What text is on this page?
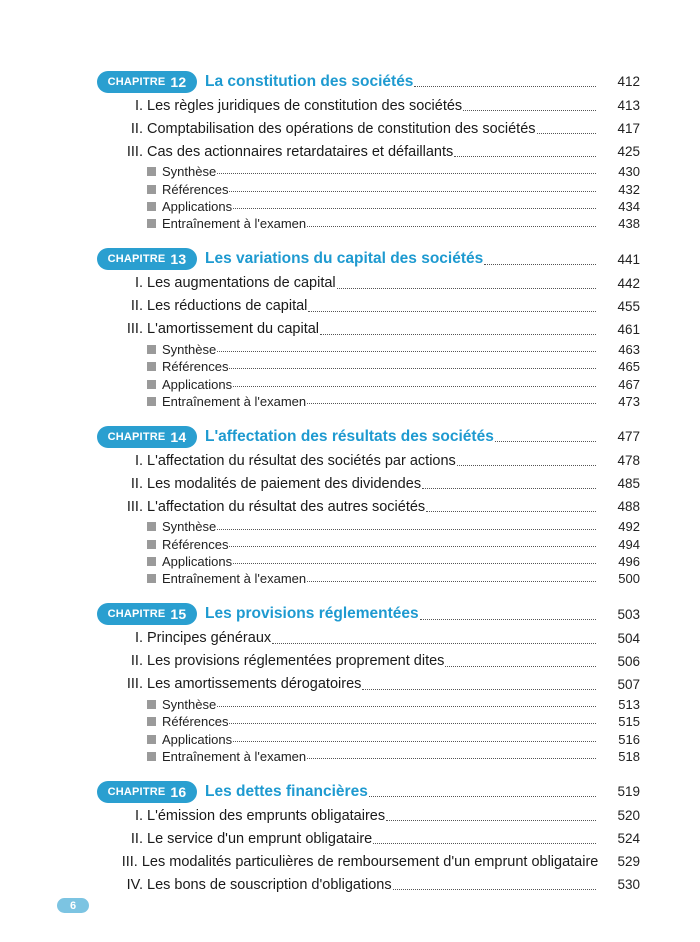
CHAPITRE 12 La constitution des sociétés	412
I. Les règles juridiques de constitution des sociétés	413
II. Comptabilisation des opérations de constitution des sociétés	417
III. Cas des actionnaires retardataires et défaillants	425
Synthèse	430
Références	432
Applications	434
Entraînement à l'examen	438
CHAPITRE 13 Les variations du capital des sociétés	441
I. Les augmentations de capital	442
II. Les réductions de capital	455
III. L'amortissement du capital	461
Synthèse	463
Références	465
Applications	467
Entraînement à l'examen	473
CHAPITRE 14 L'affectation des résultats des sociétés	477
I. L'affectation du résultat des sociétés par actions	478
II. Les modalités de paiement des dividendes	485
III. L'affectation du résultat des autres sociétés	488
Synthèse	492
Références	494
Applications	496
Entraînement à l'examen	500
CHAPITRE 15 Les provisions réglementées	503
I. Principes généraux	504
II. Les provisions réglementées proprement dites	506
III. Les amortissements dérogatoires	507
Synthèse	513
Références	515
Applications	516
Entraînement à l'examen	518
CHAPITRE 16 Les dettes financières	519
I. L'émission des emprunts obligataires	520
II. Le service d'un emprunt obligataire	524
III. Les modalités particulières de remboursement d'un emprunt obligataire	529
IV. Les bons de souscription d'obligations	530
6
